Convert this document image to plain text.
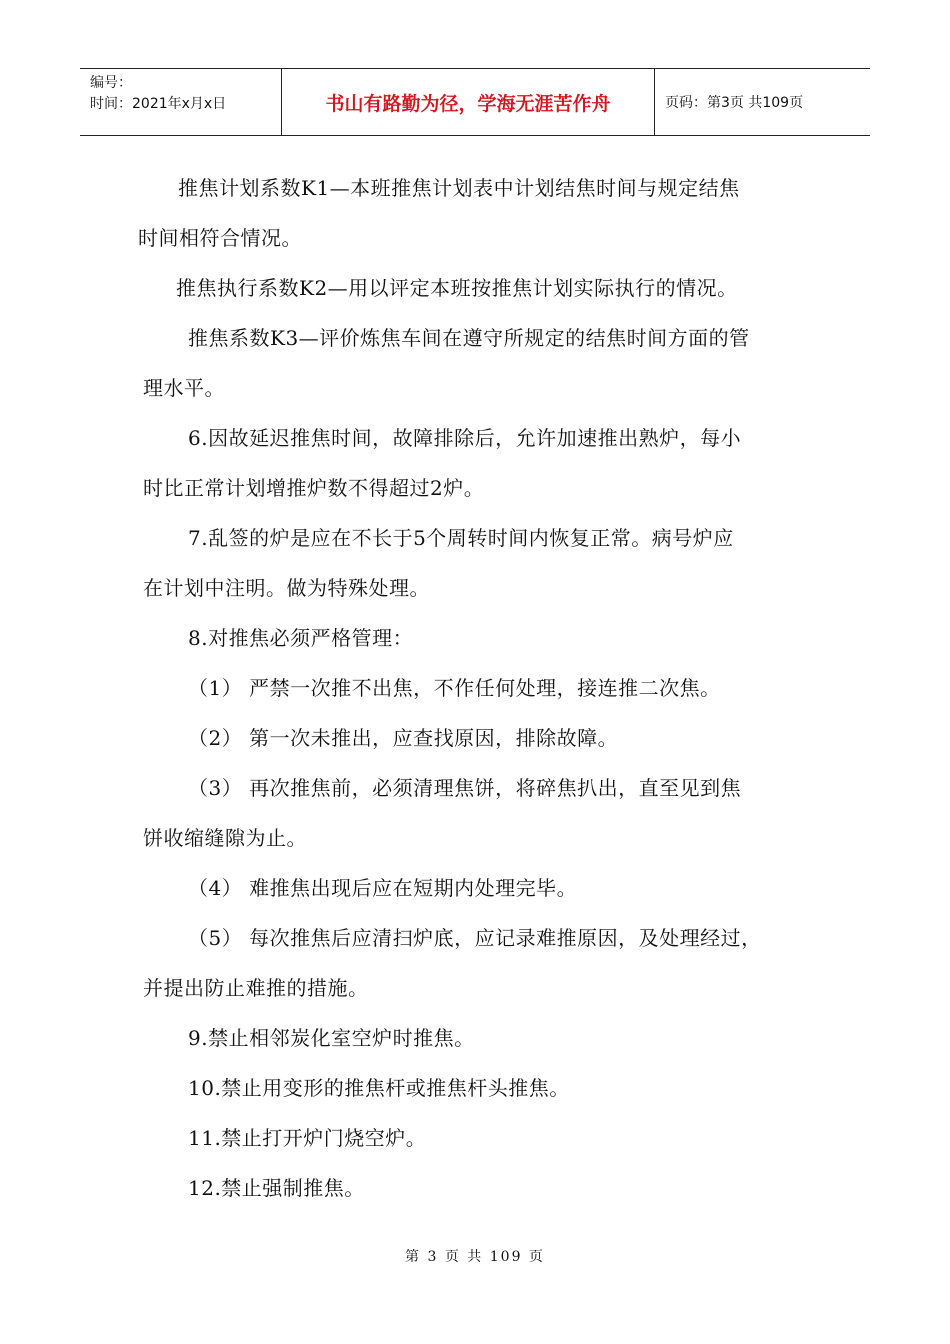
编号：
时间：2021年x月x日	书山有路勤为径，学海无涯苦作舟	页码：第3页 共109页
推焦计划系数K1—本班推焦计划表中计划结焦时间与规定结焦
时间相符合情况。
推焦执行系数K2—用以评定本班按推焦计划实际执行的情况。
推焦系数K3—评价炼焦车间在遵守所规定的结焦时间方面的管
理水平。
6.因故延迟推焦时间，故障排除后，允许加速推出熟炉，每小
时比正常计划增推炉数不得超过2炉。
7.乱签的炉是应在不长于5个周转时间内恢复正常。病号炉应
在计划中注明。做为特殊处理。
8.对推焦必须严格管理：
（1） 严禁一次推不出焦，不作任何处理，接连推二次焦。
（2） 第一次未推出，应查找原因，排除故障。
（3） 再次推焦前，必须清理焦饼，将碎焦扒出，直至见到焦
饼收缩缝隙为止。
（4） 难推焦出现后应在短期内处理完毕。
（5） 每次推焦后应清扫炉底，应记录难推原因，及处理经过，
并提出防止难推的措施。
9.禁止相邻炭化室空炉时推焦。
10.禁止用变形的推焦杆或推焦杆头推焦。
11.禁止打开炉门烧空炉。
12.禁止强制推焦。
第 3 页 共 109 页
